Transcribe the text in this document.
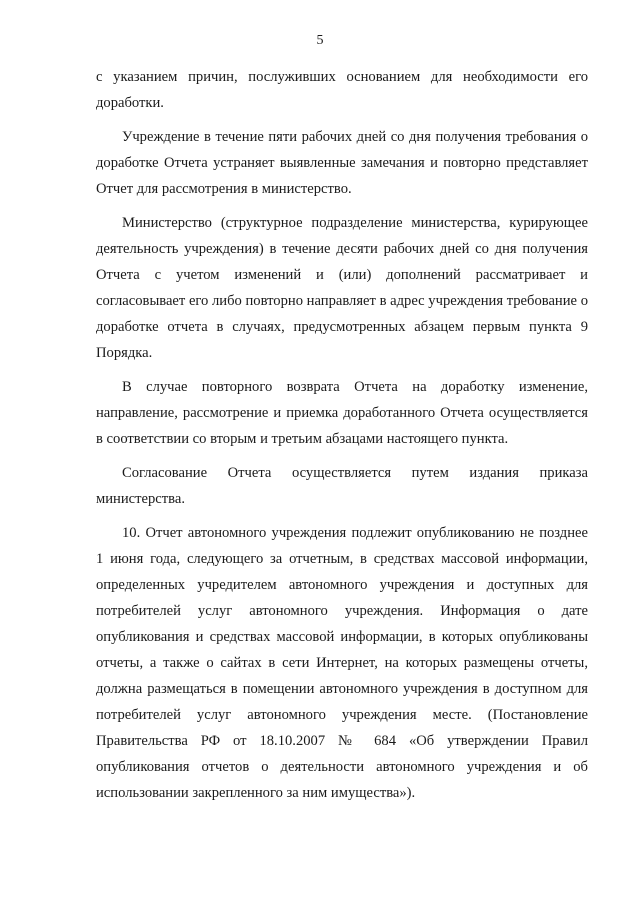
5

с указанием причин, послуживших основанием для необходимости его доработки.

Учреждение в течение пяти рабочих дней со дня получения требования о доработке Отчета устраняет выявленные замечания и повторно представляет Отчет для рассмотрения в министерство.

Министерство (структурное подразделение министерства, курирующее деятельность учреждения) в течение десяти рабочих дней со дня получения Отчета с учетом изменений и (или) дополнений рассматривает и согласовывает его либо повторно направляет в адрес учреждения требование о доработке отчета в случаях, предусмотренных абзацем первым пункта 9 Порядка.

В случае повторного возврата Отчета на доработку изменение, направление, рассмотрение и приемка доработанного Отчета осуществляется в соответствии со вторым и третьим абзацами настоящего пункта.

Согласование Отчета осуществляется путем издания приказа министерства.

10. Отчет автономного учреждения подлежит опубликованию не позднее 1 июня года, следующего за отчетным, в средствах массовой информации, определенных учредителем автономного учреждения и доступных для потребителей услуг автономного учреждения. Информация о дате опубликования и средствах массовой информации, в которых опубликованы отчеты, а также о сайтах в сети Интернет, на которых размещены отчеты, должна размещаться в помещении автономного учреждения в доступном для потребителей услуг автономного учреждения месте. (Постановление Правительства РФ от 18.10.2007 № 684 «Об утверждении Правил опубликования отчетов о деятельности автономного учреждения и об использовании закрепленного за ним имущества»).
